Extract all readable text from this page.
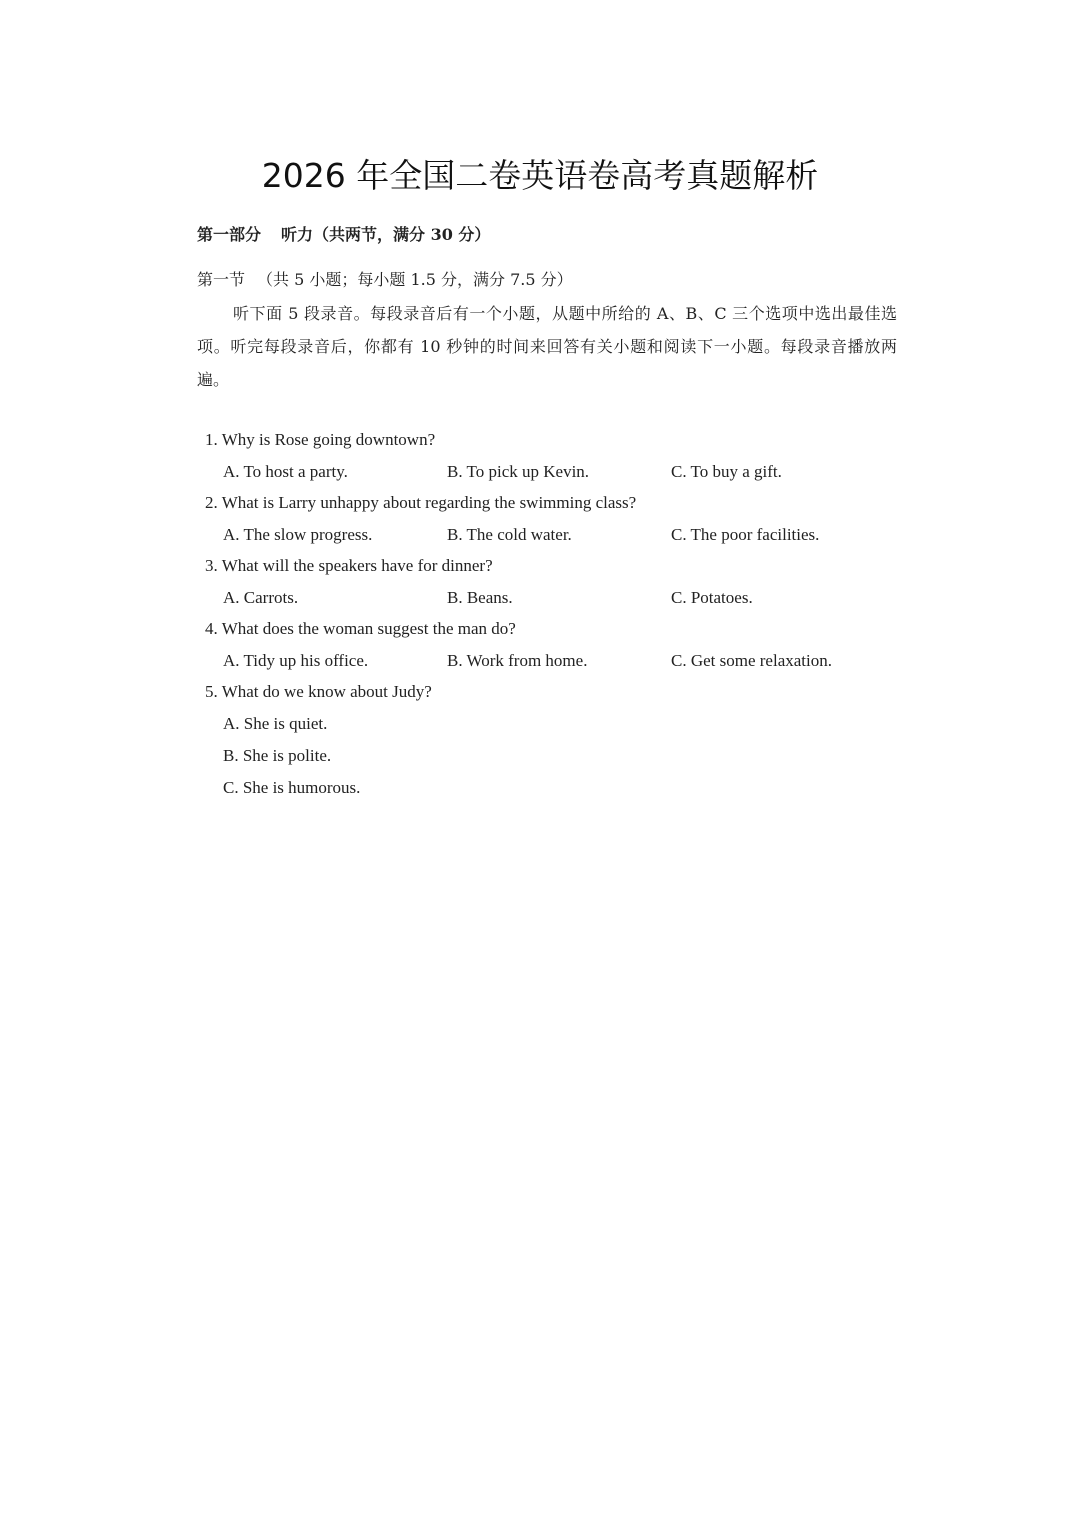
2026 年全国二卷英语卷高考真题解析
第一部分 听力（共两节，满分 30 分）
第一节 （共 5 小题；每小题 1.5 分，满分 7.5 分）
听下面 5 段录音。每段录音后有一个小题，从题中所给的 A、B、C 三个选项中选出最佳选项。听完每段录音后，你都有 10 秒钟的时间来回答有关小题和阅读下一小题。每段录音播放两遍。
1. Why is Rose going downtown?
A. To host a party.	B. To pick up Kevin.	C. To buy a gift.
2. What is Larry unhappy about regarding the swimming class?
A. The slow progress.	B. The cold water.	C. The poor facilities.
3. What will the speakers have for dinner?
A. Carrots.	B. Beans.	C. Potatoes.
4. What does the woman suggest the man do?
A. Tidy up his office.	B. Work from home.	C. Get some relaxation.
5. What do we know about Judy?
A. She is quiet.
B. She is polite.
C. She is humorous.
